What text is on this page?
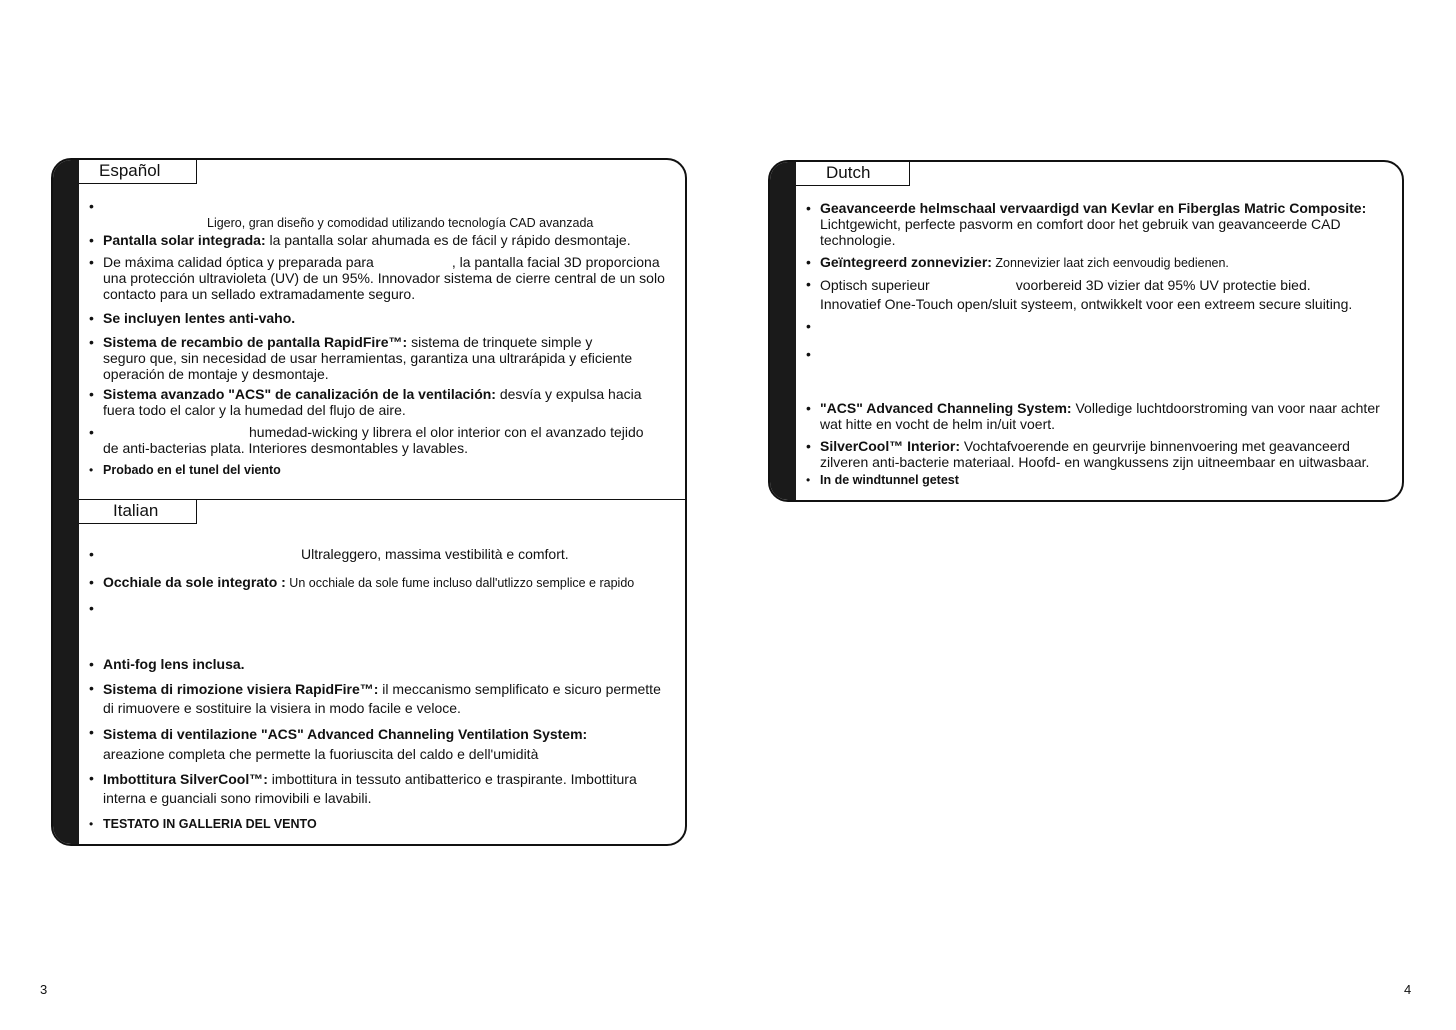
Español
•
Ligero, gran diseño y comodidad utilizando tecnología CAD avanzada
• Pantalla solar integrada: la pantalla solar ahumada es de fácil y rápido desmontaje.
• De máxima calidad óptica y preparada para	, la pantalla facial 3D proporciona
una protección ultravioleta (UV) de un 95%. Innovador sistema de cierre central de un solo
contacto para un sellado extramadamente seguro.
• Se incluyen lentes anti-vaho.
• Sistema de recambio de pantalla RapidFire™: sistema de trinquete simple y
seguro que, sin necesidad de usar herramientas, garantiza una ultrarápida y eficiente
operación de montaje y desmontaje.
• Sistema avanzado "ACS" de canalización de la ventilación: desvía y expulsa hacia
fuera todo el calor y la humedad del flujo de aire.
•	humedad-wicking y librera el olor interior con el avanzado tejido
de anti-bacterias plata. Interiores desmontables y lavables.
• Probado en el tunel del viento
Italian
•	Ultraleggero, massima vestibilità e comfort.
• Occhiale da sole integrato : Un occhiale da sole fume incluso dall'utlizzo semplice e rapido
•
• Anti-fog lens inclusa.
• Sistema di rimozione visiera RapidFire™: il meccanismo semplificato e sicuro permette
di rimuovere e sostituire la visiera in modo facile e veloce.
• Sistema di ventilazione "ACS" Advanced Channeling Ventilation System:
areazione completa che permette la fuoriuscita del caldo e dell'umidità
• Imbottitura SilverCool™: imbottitura in tessuto antibatterico e traspirante. Imbottitura
interna e guanciali sono rimovibili e lavabili.
• TESTATO IN GALLERIA DEL VENTO
Dutch
• Geavanceerde helmschaal vervaardigd van Kevlar en Fiberglas Matric Composite:
Lichtgewicht, perfecte pasvorm en comfort door het gebruik van geavanceerde CAD
technologie.
• Geïntegreerd zonnevizier: Zonnevizier laat zich eenvoudig bedienen.
• Optisch superieur	voorbereid 3D vizier dat 95% UV protectie bied.
Innovatief One-Touch open/sluit systeem, ontwikkelt voor een extreem secure sluiting.
•
•
• "ACS" Advanced Channeling System: Volledige luchtdoorstroming van voor naar achter
wat hitte en vocht de helm in/uit voert.
• SilverCool™ Interior: Vochtafvoerende en geurvrije binnenvoering met geavanceerd
zilveren anti-bacterie materiaal. Hoofd- en wangkussens zijn uitneembaar en uitwasbaar.
• In de windtunnel getest
3	4
